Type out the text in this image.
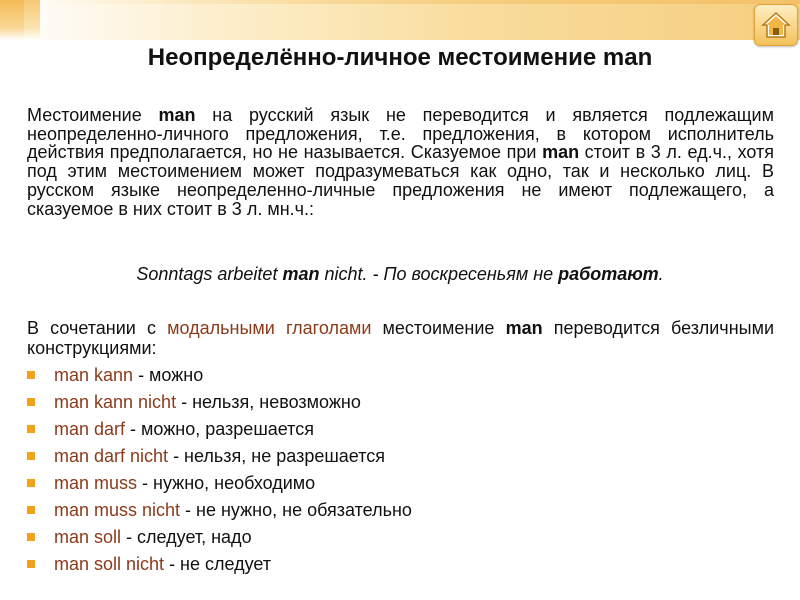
Неопределённо-личное местоимение man
Местоимение man на русский язык не переводится и является подлежащим неопределенно-личного предложения, т.е. предложения, в котором исполнитель действия предполагается, но не называется. Сказуемое при man стоит в 3 л. ед.ч., хотя под этим местоимением может подразумеваться как одно, так и несколько лиц. В русском языке неопределенно-личные предложения не имеют подлежащего, а сказуемое в них стоит в 3 л. мн.ч.:
Sonntags arbeitet man nicht. - По воскресеньям не работают.
В сочетании с модальными глаголами местоимение man переводится безличными конструкциями:
man kann - можно
man kann nicht - нельзя, невозможно
man darf - можно, разрешается
man darf nicht - нельзя, не разрешается
man muss - нужно, необходимо
man muss nicht - не нужно, не обязательно
man soll - следует, надо
man soll nicht - не следует
